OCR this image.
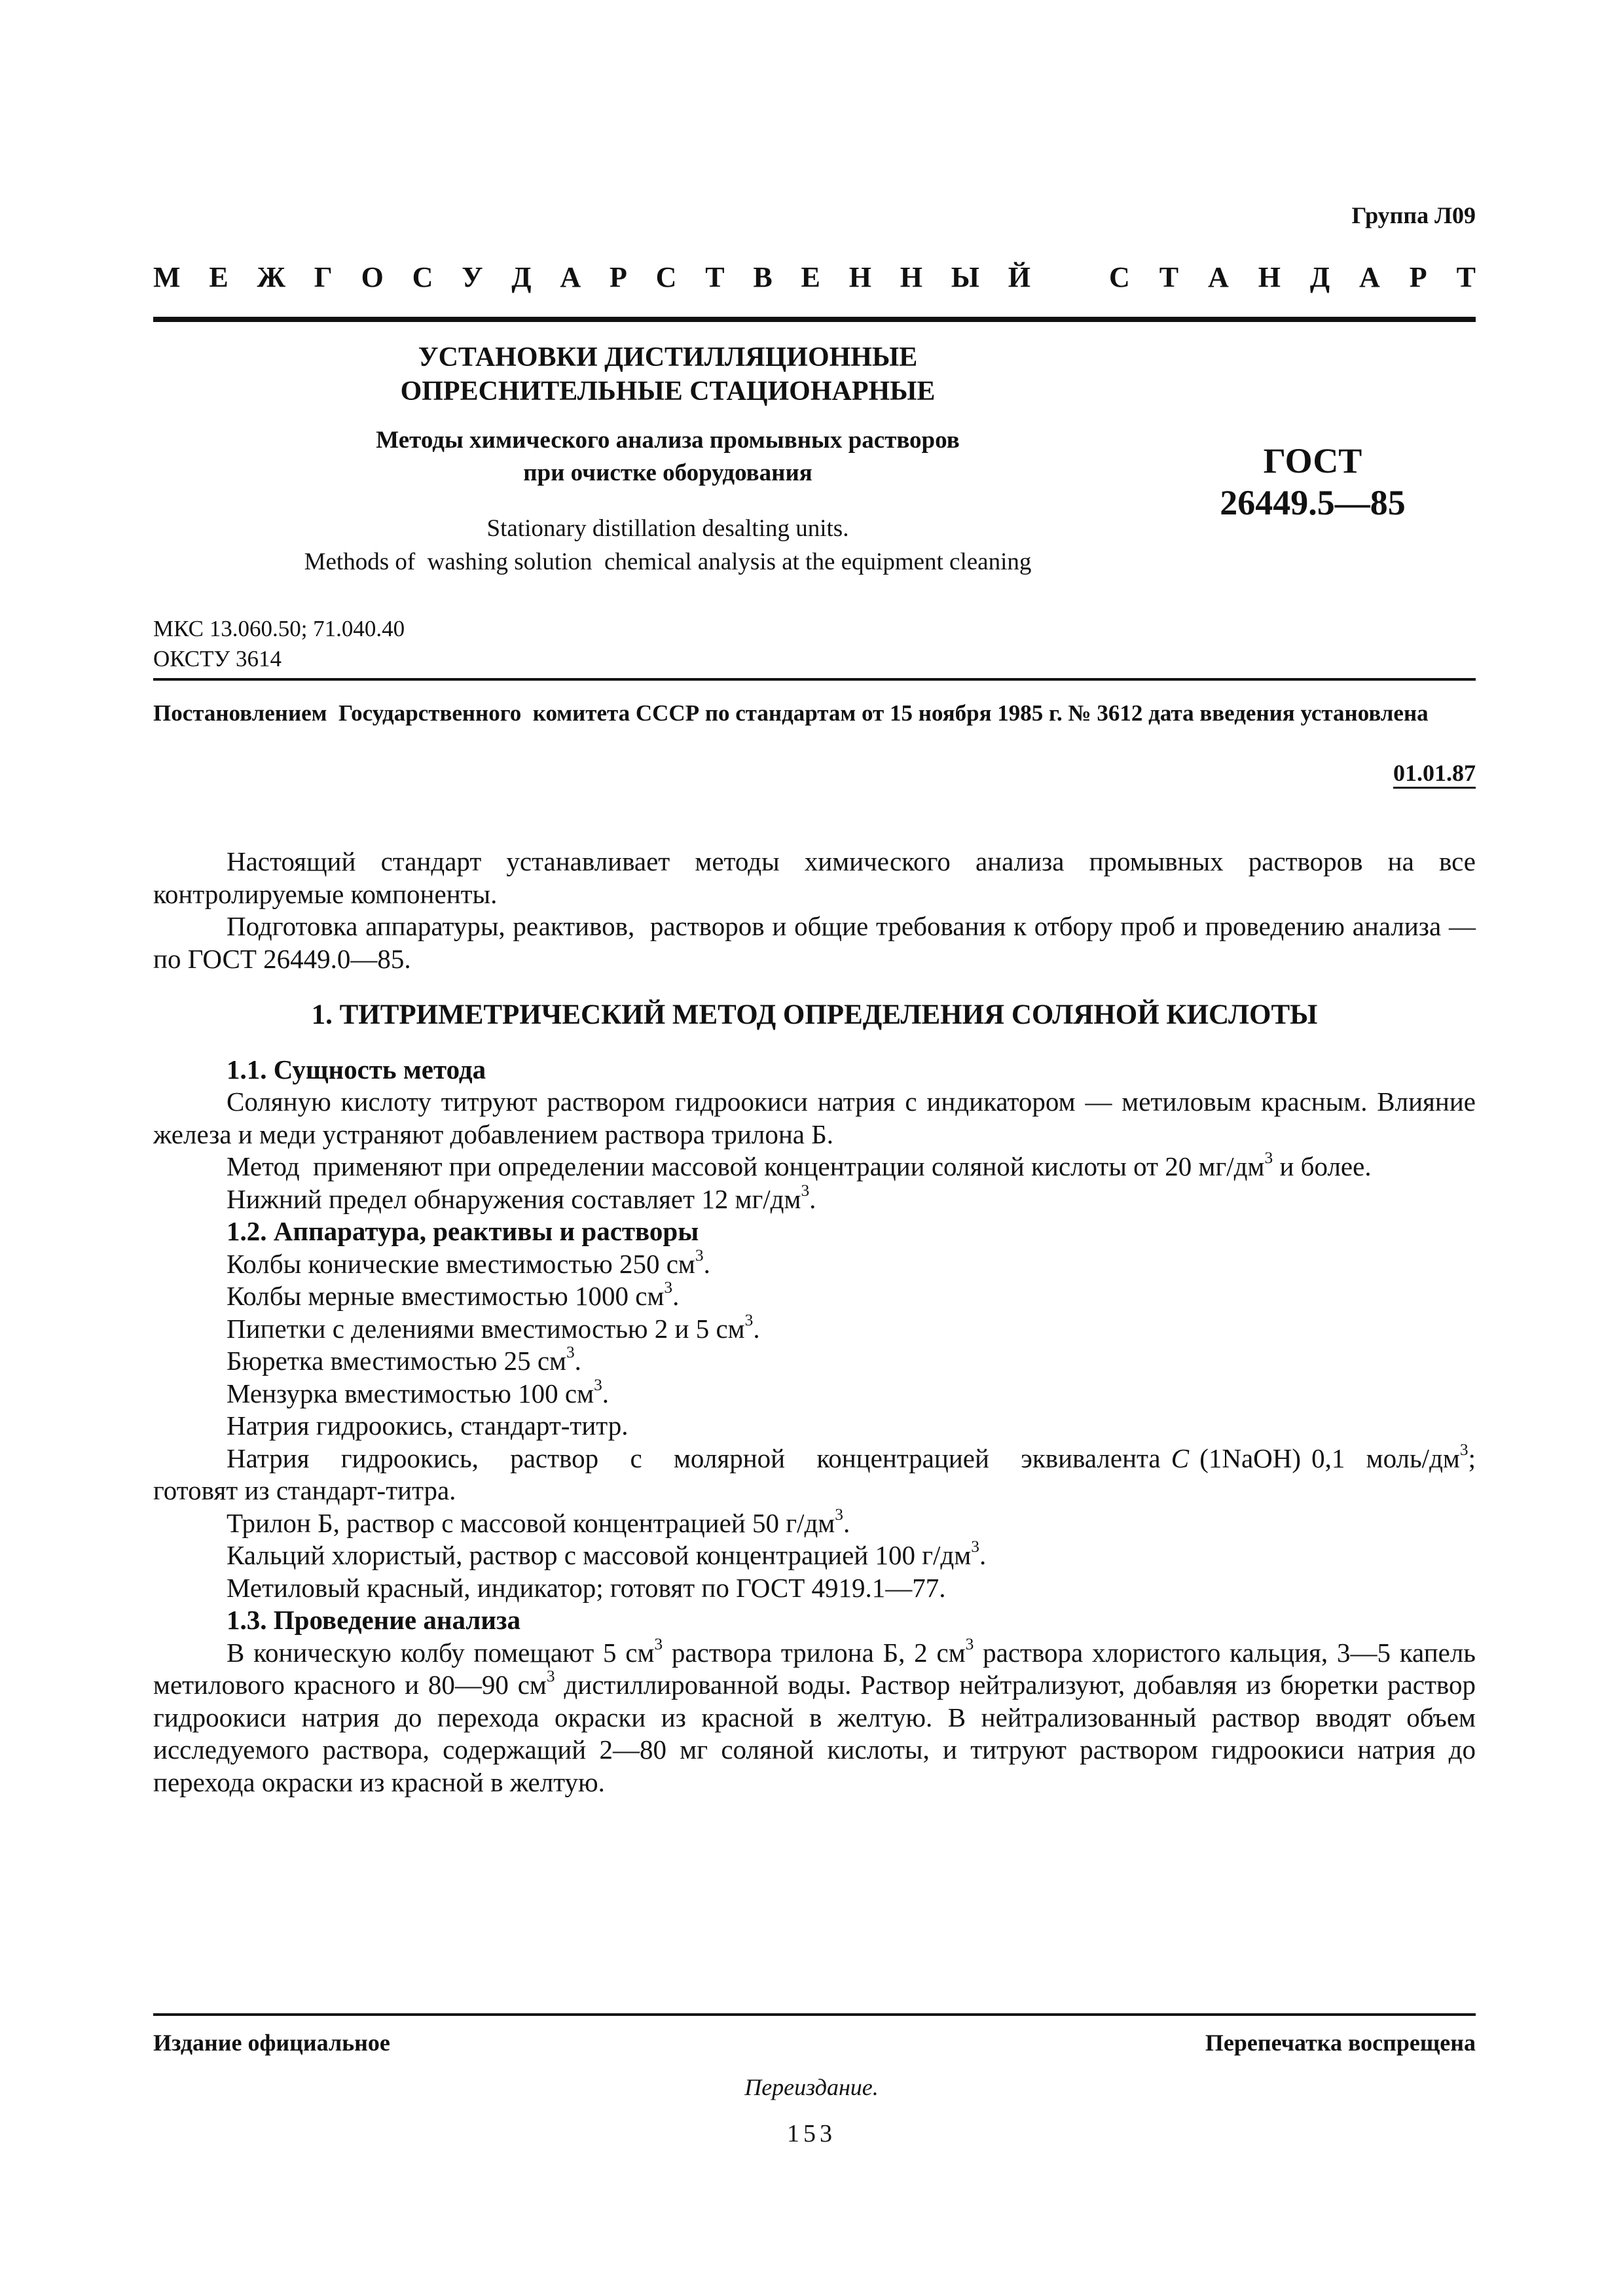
Группа Л09
М Е Ж Г О С У Д А Р С Т В Е Н Н Ы Й	С Т А Н Д А Р Т
УСТАНОВКИ ДИСТИЛЛЯЦИОННЫЕ
ОПРЕСНИТЕЛЬНЫЕ СТАЦИОНАРНЫЕ
Методы химического анализа промывных растворов
при очистке оборудования
Stationary distillation desalting units.
Methods of  washing solution  chemical analysis at the equipment cleaning
ГОСТ
26449.5—85
МКС 13.060.50; 71.040.40
ОКСТУ 3614
Постановлением  Государственного  комитета СССР по стандартам от 15 ноября 1985 г. № 3612 дата введения установлена
01.01.87

Настоящий стандарт устанавливает методы химического анализа промывных растворов на все контролируемые компоненты.

Подготовка аппаратуры, реактивов,  растворов и общие требования к отбору проб и проведению анализа — по ГОСТ 26449.0—85.

1. ТИТРИМЕТРИЧЕСКИЙ МЕТОД ОПРЕДЕЛЕНИЯ СОЛЯНОЙ КИСЛОТЫ

1.1. Сущность метода

Соляную кислоту титруют раствором гидроокиси натрия с индикатором — метиловым красным. Влияние железа и меди устраняют добавлением раствора трилона Б.

Метод  применяют при определении массовой концентрации соляной кислоты от 20 $мг/дм^3$ и более.

Нижний предел обнаружения составляет 12 $мг/дм^3$.

1.2. Аппаратура, реактивы и растворы

Колбы конические вместимостью 250 $см^3$.

Колбы мерные вместимостью 1000 $см^3$.

Пипетки с делениями вместимостью 2 и 5 $см^3$.

Бюретка вместимостью 25 $см^3$.

Мензурка вместимостью 100 $см^3$.

Натрия гидроокись, стандарт-титр.

Натрия   гидроокись,   раствор   с   молярной   концентрацией   эквивалента C (1NaOH) 0,1  моль/$дм^3$; готовят из стандарт-титра.

Трилон Б, раствор с массовой концентрацией 50 $г/дм^3$.

Кальций хлористый, раствор с массовой концентрацией 100 $г/дм^3$.

Метиловый красный, индикатор; готовят по ГОСТ 4919.1—77.

1.3. Проведение анализа

В коническую колбу помещают 5 $см^3$ раствора трилона Б, 2 $см^3$ раствора хлористого кальция, 3—5 капель метилового красного и 80—90 $см^3$ дистиллированной воды. Раствор нейтрализуют, добавляя из бюретки раствор гидроокиси натрия до перехода окраски из красной в желтую. В нейтрализованный раствор вводят объем исследуемого раствора, содержащий 2—80 мг соляной кислоты, и титруют раствором гидроокиси натрия до перехода окраски из красной в желтую.

Издание официальное	Перепечатка воспрещена
Переиздание.
153
